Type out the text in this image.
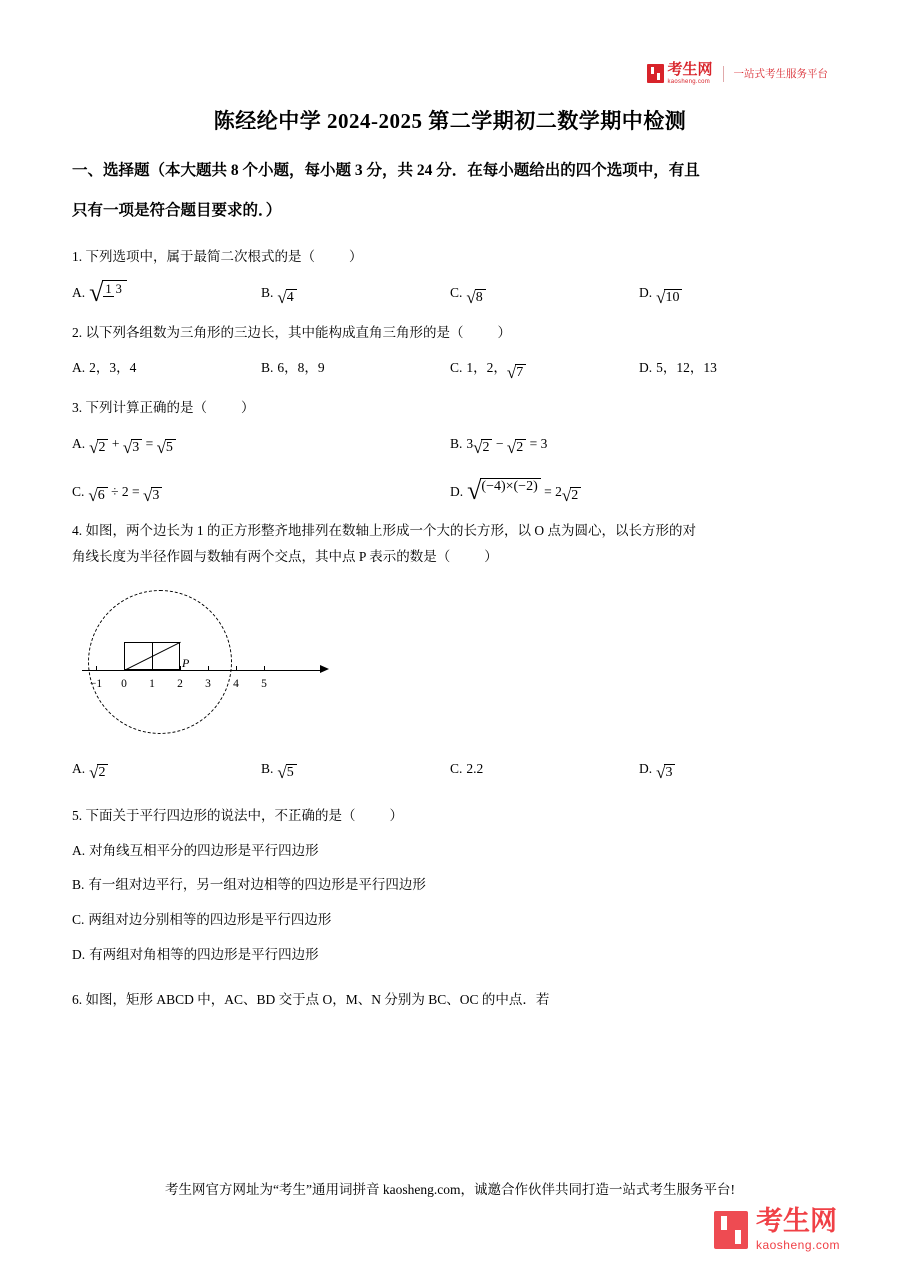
考生网
kaosheng.com
一站式考生服务平台
陈经纶中学 2024-2025 第二学期初二数学期中检测
一、选择题（本大题共 8 个小题，每小题 3 分，共 24 分．在每小题给出的四个选项中，有且
只有一项是符合题目要求的．）
1. 下列选项中，属于最简二次根式的是（	）
A. √ 1 3	B. √ 4	C. √ 8	D. √ 10
2. 以下列各组数为三角形的三边长，其中能构成直角三角形的是（	）
A. 2，3，4	B. 6，8，9	C. 1，2， √ 7	D. 5，12，13
3. 下列计算正确的是（	）
A. √ 2 + √ 3 = √ 5	B. 3 √ 2 − √ 2 = 3
C. √ 6 ÷ 2 = √ 3	D. √ (−4)×(−2) = 2 √ 2
4. 如图，两个边长为 1 的正方形整齐地排列在数轴上形成一个大的长方形，以 O 点为圆心，以长方形的对
角线长度为半径作圆与数轴有两个交点，其中点 P 表示的数是（	）
−1 0 1 2 3 4 5
P
A. √ 2	B. √ 5	C. 2.2	D. √ 3
5. 下面关于平行四边形的说法中，‥ 不正确的是（	）
A. 对角线互相平分的四边形是平行四边形
B. 有一组对边平行，另一组对边相等的四边形是平行四边形
C. 两组对边分别相等的四边形是平行四边形
D. 有两组对角相等的四边形是平行四边形
6. 如图，矩形 ABCD 中，AC、BD 交于点 O，M、N 分别为 BC、OC 的中点．若
考生网官方网址为“考生”通用词拼音 kaosheng.com，诚邀合作伙伴共同打造一站式考生服务平台!
考生网
kaosheng.com
